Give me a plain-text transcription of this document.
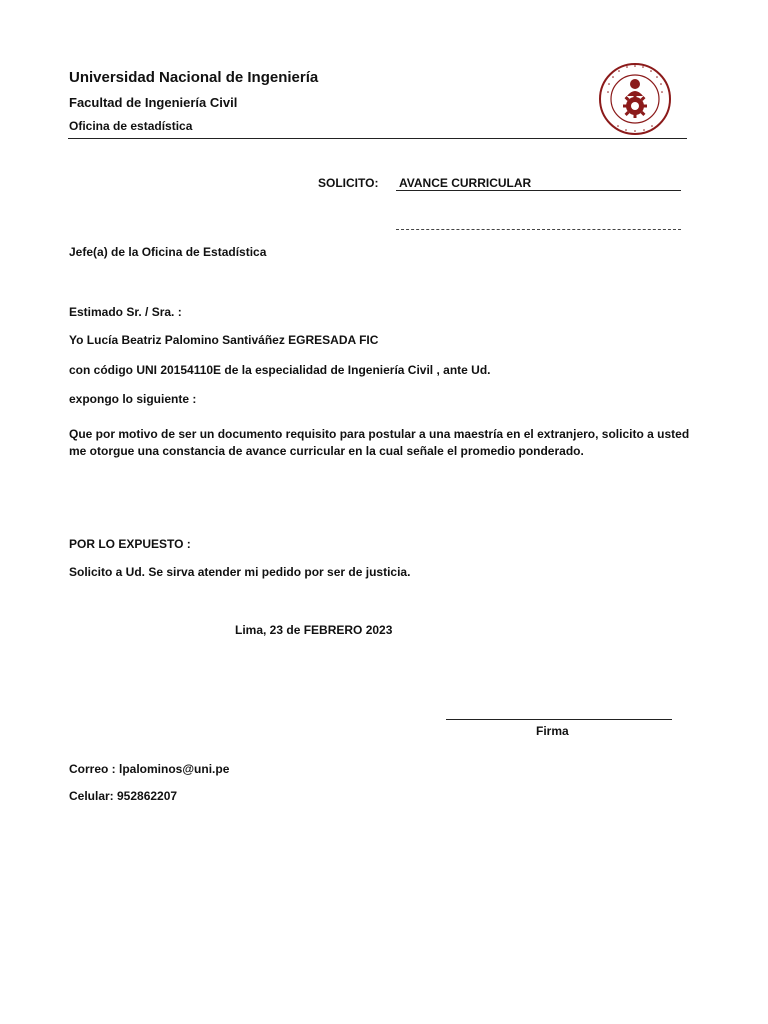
Universidad Nacional de Ingeniería
Facultad de Ingeniería Civil
Oficina de estadística
SOLICITO: AVANCE CURRICULAR
Jefe(a) de la Oficina de Estadística
Estimado Sr. / Sra. :
Yo Lucía Beatriz Palomino Santiváñez EGRESADA FIC
con código UNI 20154110E de la especialidad de Ingeniería Civil , ante Ud.
expongo lo siguiente :
Que por motivo de ser un documento requisito para postular a una maestría en el extranjero, solicito a usted me otorgue una constancia de avance curricular en la cual señale el promedio ponderado.
POR LO EXPUESTO :
Solicito a Ud. Se sirva atender mi pedido por ser de justicia.
Lima, 23 de FEBRERO 2023
Firma
Correo : lpalominos@uni.pe
Celular: 952862207
